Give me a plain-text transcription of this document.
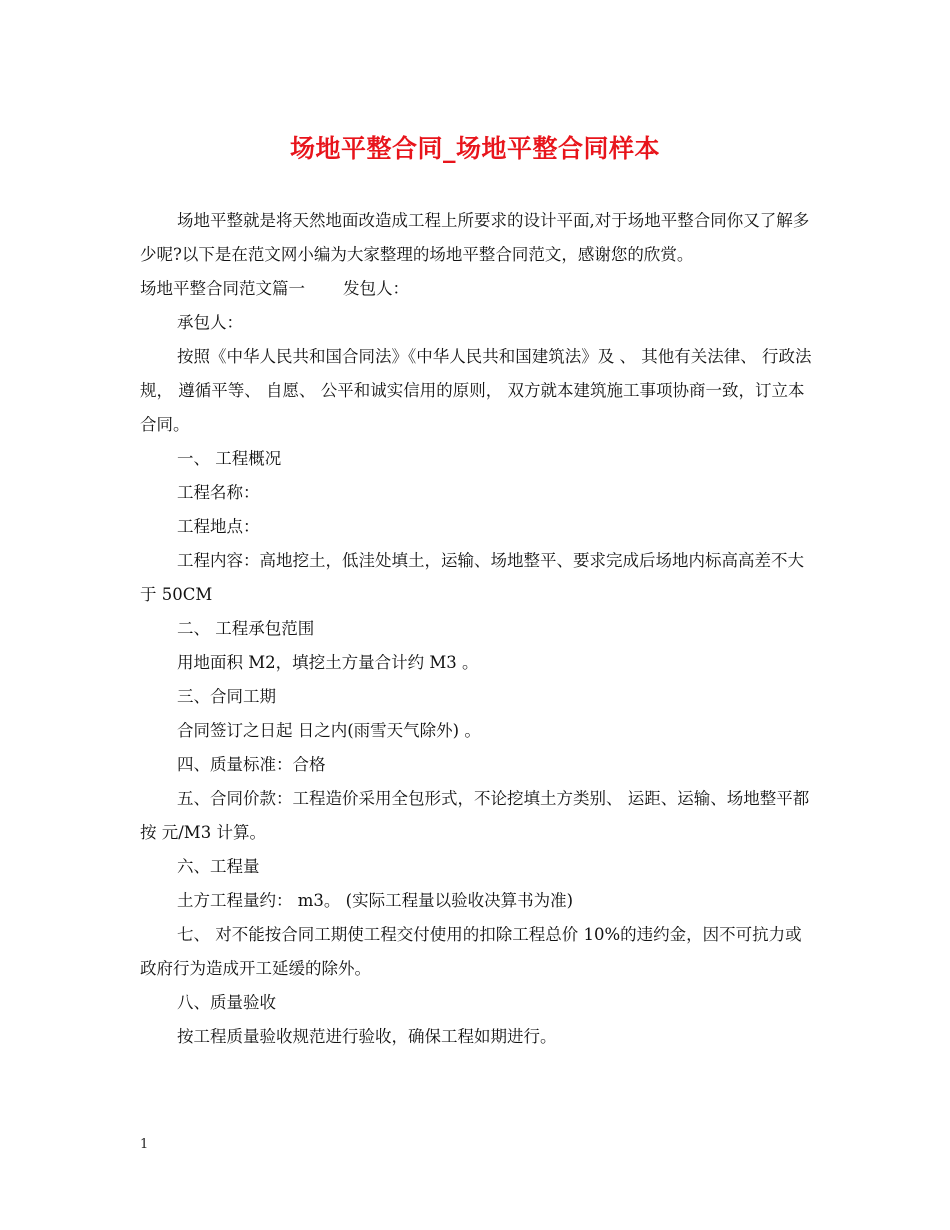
场地平整合同_场地平整合同样本

场地平整就是将天然地面改造成工程上所要求的设计平面,对于场地平整合同你又了解多少呢?以下是在范文网小编为大家整理的场地平整合同范文，感谢您的欣赏。

场地平整合同范文篇一 发包人：

承包人：

按照《中华人民共和国合同法》《中华人民共和国建筑法》及 、 其他有关法律、 行政法规， 遵循平等、 自愿、 公平和诚实信用的原则， 双方就本建筑施工事项协商一致，订立本合同。

一、 工程概况

工程名称：

工程地点：

工程内容：高地挖土，低洼处填土，运输、场地整平、要求完成后场地内标高高差不大于 50CM

二、 工程承包范围

用地面积 M2，填挖土方量合计约 M3 。

三、合同工期

合同签订之日起 日之内(雨雪天气除外) 。

四、质量标准：合格

五、合同价款：工程造价采用全包形式，不论挖填土方类别、 运距、运输、场地整平都按 元/M3 计算。

六、工程量

土方工程量约： m3。 (实际工程量以验收决算书为准)

七、 对不能按合同工期使工程交付使用的扣除工程总价 10%的违约金，因不可抗力或政府行为造成开工延缓的除外。

八、质量验收

按工程质量验收规范进行验收，确保工程如期进行。

1
